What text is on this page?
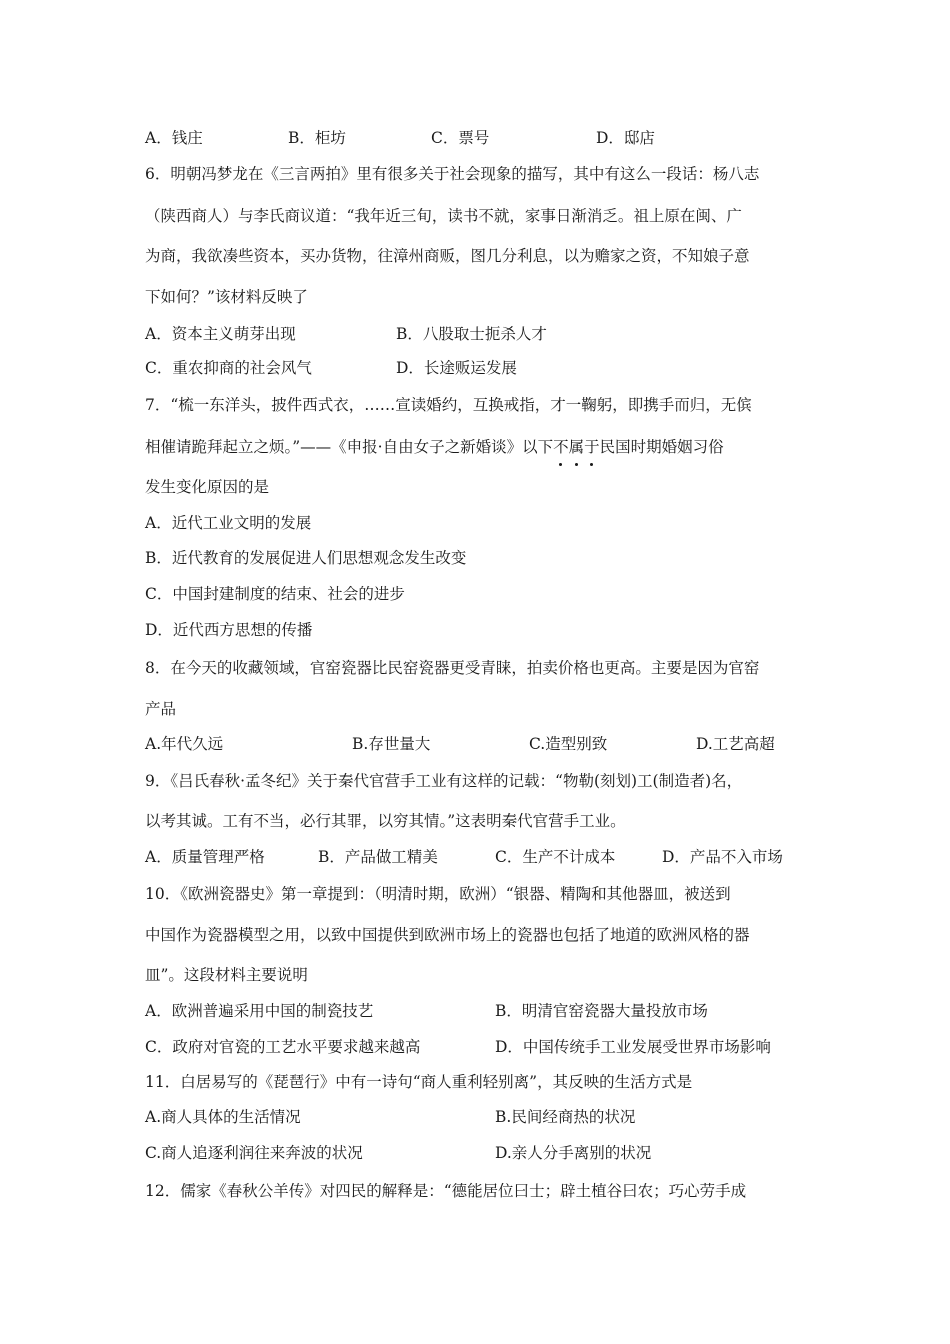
A．钱庄	B．柜坊	C．票号	D．邸店
6．明朝冯梦龙在《三言两拍》里有很多关于社会现象的描写，其中有这么一段话：杨八志
（陕西商人）与李氏商议道：“我年近三旬，读书不就，家事日渐消乏。祖上原在闽、广
为商，我欲凑些资本，买办货物，往漳州商贩，图几分利息，以为赡家之资，不知娘子意
下如何？”该材料反映了
A．资本主义萌芽出现	B．八股取士扼杀人才
C．重农抑商的社会风气	D．长途贩运发展
7．“梳一东洋头，披件西式衣，……宣读婚约，互换戒指，才一鞠躬，即携手而归，无傧
相催请跪拜起立之烦。”——《申报·自由女子之新婚谈》以下不属于民国时期婚姻习俗
发生变化原因的是
A．近代工业文明的发展
B．近代教育的发展促进人们思想观念发生改变
C．中国封建制度的结束、社会的进步
D．近代西方思想的传播
8．在今天的收藏领域，官窑瓷器比民窑瓷器更受青睐，拍卖价格也更高。主要是因为官窑
产品
A.年代久远	B.存世量大	C.造型别致	D.工艺高超
9．《吕氏春秋·孟冬纪》关于秦代官营手工业有这样的记载：“物勒(刻划)工(制造者)名，
以考其诚。工有不当，必行其罪，以穷其情。”这表明秦代官营手工业。
A．质量管理严格	B．产品做工精美	C．生产不计成本	D．产品不入市场
10．《欧洲瓷器史》第一章提到：（明清时期，欧洲）“银器、精陶和其他器皿，被送到
中国作为瓷器模型之用，以致中国提供到欧洲市场上的瓷器也包括了地道的欧洲风格的器
皿”。这段材料主要说明
A．欧洲普遍采用中国的制瓷技艺	B．明清官窑瓷器大量投放市场
C．政府对官瓷的工艺水平要求越来越高	D．中国传统手工业发展受世界市场影响
11．白居易写的《琵琶行》中有一诗句“商人重利轻别离”，其反映的生活方式是
A.商人具体的生活情况	B.民间经商热的状况
C.商人追逐利润往来奔波的状况	D.亲人分手离别的状况
12．儒家《春秋公羊传》对四民的解释是：“德能居位曰士；辟土植谷曰农；巧心劳手成
